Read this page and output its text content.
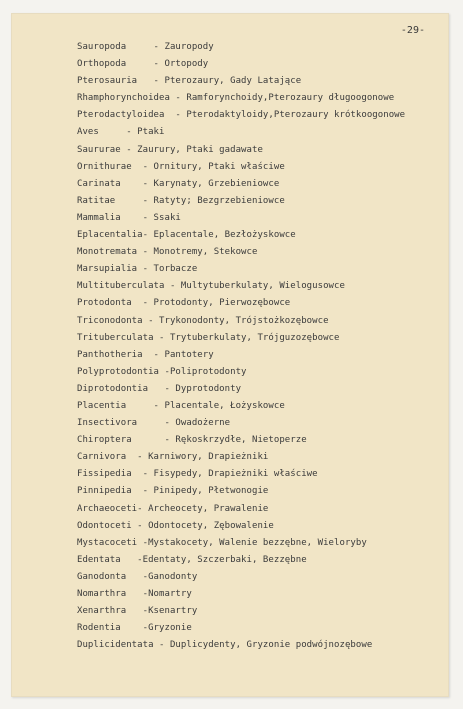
-29-
Sauropoda     - Zauropody
Orthopoda     - Ortopody
Pterosauria   - Pterozaury, Gady Latające
Rhamphorynchoidea - Ramforynchoidy,Pterozaury długoogonowe
Pterodactyloidea  - Pterodaktyloidy,Pterozaury krótkoogonowe
Aves     - Ptaki
Saururae - Zaurury, Ptaki gadawate
Ornithurae  - Ornitury, Ptaki właściwe
Carinata    - Karynaty, Grzebieniowce
Ratitae     - Ratyty; Bezgrzebieniowce
Mammalia    - Ssaki
Eplacentalia- Eplacentale, Bezłożyskowce
Monotremata - Monotremy, Stekowce
Marsupialia - Torbacze
Multituberculata - Multytuberkulaty, Wielogusowce
Protodonta  - Protodonty, Pierwozębowce
Triconodonta - Trykonodonty, Trójstożkozębowce
Trituberculata - Trytuberkulaty, Trójguzozębowce
Panthotheria  - Pantotery
Polyprotodontia -Poliprotodonty
Diprotodontia   - Dyprotodonty
Placentia     - Placentale, Łożyskowce
Insectivora     - Owadożerne
Chiroptera      - Rękoskrzydłe, Nietoperze
Carnivora  - Karniwory, Drapieżniki
Fissipedia  - Fisypedy, Drapieżniki właściwe
Pinnipedia  - Pinipedy, Płetwonogie
Archaeoceti- Archeocety, Prawalenie
Odontoceti - Odontocety, Zębowalenie
Mystacoceti -Mystakocety, Walenie bezzębne, Wieloryby
Edentata   -Edentaty, Szczerbaki, Bezzębne
Ganodonta   -Ganodonty
Nomarthra   -Nomartry
Xenarthra   -Ksenartry
Rodentia    -Gryzonie
Duplicidentata - Duplicydenty, Gryzonie podwójnozębowe
